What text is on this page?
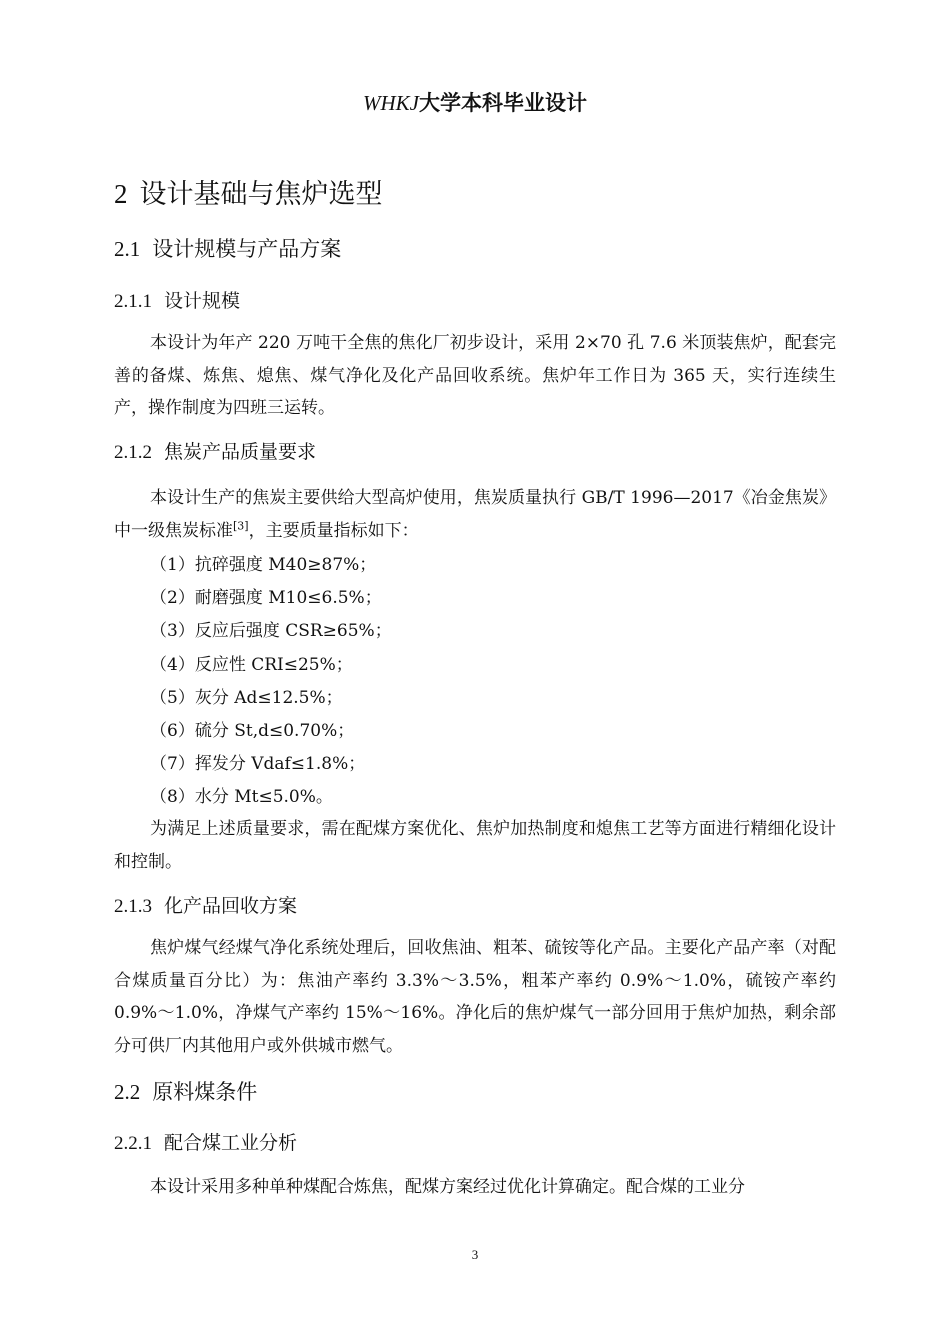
WHKJ大学本科毕业设计
2 设计基础与焦炉选型
2.1 设计规模与产品方案
2.1.1 设计规模

本设计为年产 220 万吨干全焦的焦化厂初步设计，采用 2×70 孔 7.6 米顶装焦炉，配套完善的备煤、炼焦、熄焦、煤气净化及化产品回收系统。焦炉年工作日为 365 天，实行连续生产，操作制度为四班三运转。

2.1.2 焦炭产品质量要求

本设计生产的焦炭主要供给大型高炉使用，焦炭质量执行 GB/T 1996—2017《冶金焦炭》中一级焦炭标准[3]，主要质量指标如下：

（1）抗碎强度 M40≥87%；
（2）耐磨强度 M10≤6.5%；
（3）反应后强度 CSR≥65%；
（4）反应性 CRI≤25%；
（5）灰分 Ad≤12.5%；
（6）硫分 St,d≤0.70%；
（7）挥发分 Vdaf≤1.8%；
（8）水分 Mt≤5.0%。

为满足上述质量要求，需在配煤方案优化、焦炉加热制度和熄焦工艺等方面进行精细化设计和控制。

2.1.3 化产品回收方案

焦炉煤气经煤气净化系统处理后，回收焦油、粗苯、硫铵等化产品。主要化产品产率（对配合煤质量百分比）为：焦油产率约 3.3%～3.5%，粗苯产率约 0.9%～1.0%，硫铵产率约 0.9%～1.0%，净煤气产率约 15%～16%。净化后的焦炉煤气一部分回用于焦炉加热，剩余部分可供厂内其他用户或外供城市燃气。

2.2 原料煤条件
2.2.1 配合煤工业分析

本设计采用多种单种煤配合炼焦，配煤方案经过优化计算确定。配合煤的工业分

3
